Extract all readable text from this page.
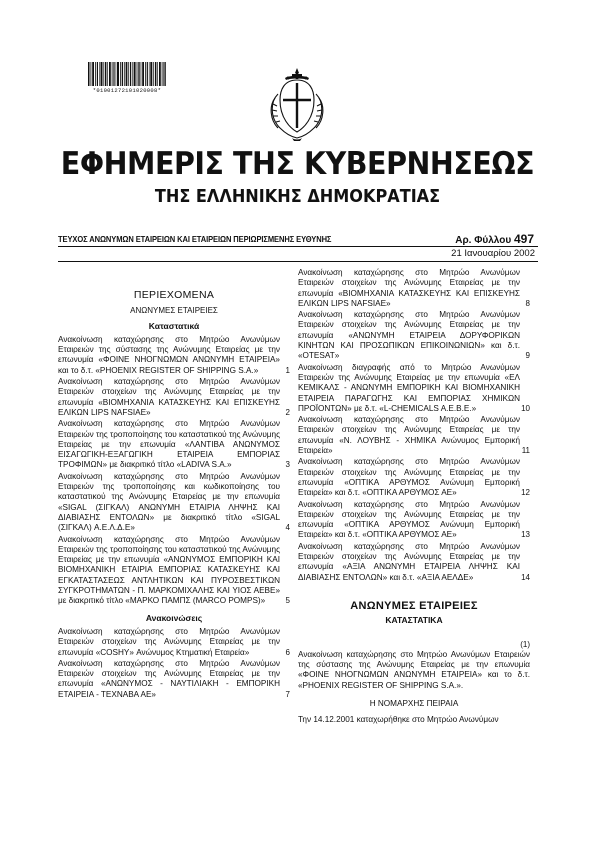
*01001272101020008*
ΕΦΗΜΕΡΙΣ ΤΗΣ ΚΥΒΕΡΝΗΣΕΩΣ
ΤΗΣ ΕΛΛΗΝΙΚΗΣ ΔΗΜΟΚΡΑΤΙΑΣ
ΤΕΥΧΟΣ ΑΝΩΝΥΜΩΝ ΕΤΑΙΡΕΙΩΝ ΚΑΙ ΕΤΑΙΡΕΙΩΝ ΠΕΡΙΩΡΙΣΜΕΝΗΣ ΕΥΘΥΝΗΣ	Αρ. Φύλλου 497
21 Ιανουαρίου 2002
ΠΕΡΙΕΧΟΜΕΝΑ
ΑΝΩΝΥΜΕΣ ΕΤΑΙΡΕΙΕΣ
Καταστατικά
Ανακοίνωση καταχώρησης στο Μητρώο Ανωνύμων Εταιρειών της σύστασης της Ανώνυμης Εταιρείας με την επωνυμία «ΦΟΙΝΕ ΝΗΟΓΝΩΜΩΝ ΑΝΩΝΥΜΗ ΕΤΑΙΡΕΙΑ» και το δ.τ. «PHOENIX REGISTER OF SHIPPING S.A.»	1
Ανακοίνωση καταχώρησης στο Μητρώο Ανωνύμων Εταιρειών στοιχείων της Ανώνυμης Εταιρείας με την επωνυμία «ΒΙΟΜΗΧΑΝΙΑ ΚΑΤΑΣΚΕΥΗΣ ΚΑΙ ΕΠΙΣΚΕΥΗΣ ΕΛΙΚΩΝ LIPS NAFSIAE»	2
Ανακοίνωση καταχώρησης στο Μητρώο Ανωνύμων Εταιρειών της τροποποίησης του καταστατικού της Ανώνυμης Εταιρείας με την επωνυμία «ΛΑΝΤΙΒΑ ΑΝΩΝΥΜΟΣ ΕΙΣΑΓΩΓΙΚΗ-ΕΞΑΓΩΓΙΚΗ ΕΤΑΙΡΕΙΑ ΕΜΠΟΡΙΑΣ ΤΡΟΦΙΜΩΝ» με διακριτικό τίτλο «LADIVA S.A.»	3
Ανακοίνωση καταχώρησης στο Μητρώο Ανωνύμων Εταιρειών της τροποποίησης και κωδικοποίησης του καταστατικού της Ανώνυμης Εταιρείας με την επωνυμία «SIGAL (ΣΙΓΚΑΛ) ΑΝΩΝΥΜΗ ΕΤΑΙΡΙΑ ΛΗΨΗΣ ΚΑΙ ΔΙΑΒΙΑΣΗΣ ΕΝΤΟΛΩΝ» με διακριτικό τίτλο «SIGAL (ΣΙΓΚΑΛ) Α.Ε.Λ.Δ.Ε»	4
Ανακοίνωση καταχώρησης στο Μητρώο Ανωνύμων Εταιρειών της τροποποίησης του καταστατικού της Ανώνυμης Εταιρείας με την επωνυμία «ΑΝΩΝΥΜΟΣ ΕΜΠΟΡΙΚΗ ΚΑΙ ΒΙΟΜΗΧΑΝΙΚΗ ΕΤΑΙΡΙΑ ΕΜΠΟΡΙΑΣ ΚΑΤΑΣΚΕΥΗΣ ΚΑΙ ΕΓΚΑΤΑΣΤΑΣΕΩΣ ΑΝΤΛΗΤΙΚΩΝ ΚΑΙ ΠΥΡΟΣΒΕΣΤΙΚΩΝ ΣΥΓΚΡΟΤΗΜΑΤΩΝ - Π. ΜΑΡΚΟΜΙΧΑΛΗΣ ΚΑΙ ΥΙΟΣ ΑΕΒΕ» με διακριτικό τίτλο «ΜΑΡΚΟ ΠΑΜΠΣ (MARCO POMPS)»	5
Ανακοινώσεις
Ανακοίνωση καταχώρησης στο Μητρώο Ανωνύμων Εταιρειών στοιχείων της Ανώνυμης Εταιρείας με την επωνυμία «COSHY» Ανώνυμος Κτηματική Εταιρεία»	6
Ανακοίνωση καταχώρησης στο Μητρώο Ανωνύμων Εταιρειών στοιχείων της Ανώνυμης Εταιρείας με την επωνυμία «ΑΝΩΝΥΜΟΣ - ΝΑΥΤΙΛΙΑΚΗ - ΕΜΠΟΡΙΚΗ ΕΤΑΙΡΕΙΑ - ΤΕΧΝΑΒΑ ΑΕ»	7
Ανακοίνωση καταχώρησης στο Μητρώο Ανωνύμων Εταιρειών στοιχείων της Ανώνυμης Εταιρείας με την επωνυμία «ΒΙΟΜΗΧΑΝΙΑ ΚΑΤΑΣΚΕΥΗΣ ΚΑΙ ΕΠΙΣΚΕΥΗΣ ΕΛΙΚΩΝ LIPS NAFSIAE»	8
Ανακοίνωση καταχώρησης στο Μητρώο Ανωνύμων Εταιρειών στοιχείων της Ανώνυμης Εταιρείας με την επωνυμία «ΑΝΩΝΥΜΗ ΕΤΑΙΡΕΙΑ ΔΟΡΥΦΟΡΙΚΩΝ ΚΙΝΗΤΩΝ ΚΑΙ ΠΡΟΣΩΠΙΚΩΝ ΕΠΙΚΟΙΝΩΝΙΩΝ» και δ.τ. «OTESAT»	9
Ανακοίνωση διαγραφής από το Μητρώο Ανωνύμων Εταιρειών της Ανώνυμης Εταιρείας με την επωνυμία «ΕΛ ΚΕΜΙΚΑΛΣ - ΑΝΩΝΥΜΗ ΕΜΠΟΡΙΚΗ ΚΑΙ ΒΙΟΜΗΧΑΝΙΚΗ ΕΤΑΙΡΕΙΑ ΠΑΡΑΓΩΓΗΣ ΚΑΙ ΕΜΠΟΡΙΑΣ ΧΗΜΙΚΩΝ ΠΡΟΪΟΝΤΩΝ» με δ.τ. «L-CHEMICALS A.E.B.E.»	10
Ανακοίνωση καταχώρησης στο Μητρώο Ανωνύμων Εταιρειών στοιχείων της Ανώνυμης Εταιρείας με την επωνυμία «Ν. ΛΟΥΒΗΣ - ΧΗΜΙΚΑ Ανώνυμος Εμπορική Εταιρεία»	11
Ανακοίνωση καταχώρησης στο Μητρώο Ανωνύμων Εταιρειών στοιχείων της Ανώνυμης Εταιρείας με την επωνυμία «ΟΠΤΙΚΑ ΑΡΘΥΜΟΣ Ανώνυμη Εμπορική Εταιρεία» και δ.τ. «ΟΠΤΙΚΑ ΑΡΘΥΜΟΣ ΑΕ»	12
Ανακοίνωση καταχώρησης στο Μητρώο Ανωνύμων Εταιρειών στοιχείων της Ανώνυμης Εταιρείας με την επωνυμία «ΟΠΤΙΚΑ ΑΡΘΥΜΟΣ Ανώνυμη Εμπορική Εταιρεία» και δ.τ. «ΟΠΤΙΚΑ ΑΡΘΥΜΟΣ ΑΕ»	13
Ανακοίνωση καταχώρησης στο Μητρώο Ανωνύμων Εταιρειών στοιχείων της Ανώνυμης Εταιρείας με την επωνυμία «ΑΞΙΑ ΑΝΩΝΥΜΗ ΕΤΑΙΡΕΙΑ ΛΗΨΗΣ ΚΑΙ ΔΙΑΒΙΑΣΗΣ ΕΝΤΟΛΩΝ» και δ.τ. «ΑΞΙΑ ΑΕΛΔΕ»	14
ΑΝΩΝΥΜΕΣ ΕΤΑΙΡΕΙΕΣ
ΚΑΤΑΣΤΑΤΙΚΑ
(1)
Ανακοίνωση καταχώρησης στο Μητρώο Ανωνύμων Εταιρειών της σύστασης της Ανώνυμης Εταιρείας με την επωνυμία «ΦΟΙΝΕ ΝΗΟΓΝΩΜΩΝ ΑΝΩΝΥΜΗ ΕΤΑΙΡΕΙΑ» και το δ.τ. «PHOENIX REGISTER OF SHIPPING S.A.».
Η ΝΟΜΑΡΧΗΣ ΠΕΙΡΑΙΑ
Την 14.12.2001 καταχωρήθηκε στο Μητρώο Ανωνύμων
